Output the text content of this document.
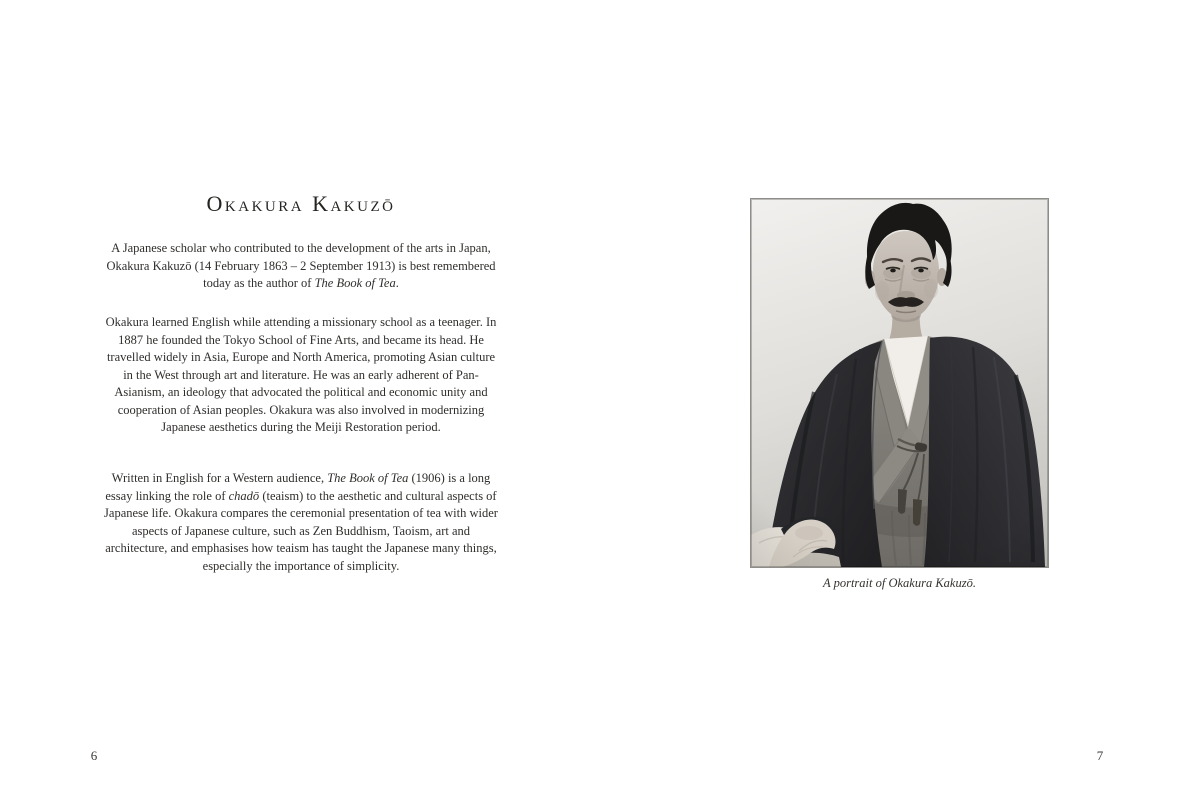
Okakura Kakuzō

A Japanese scholar who contributed to the development of the arts in Japan, Okakura Kakuzō (14 February 1863 – 2 September 1913) is best remembered today as the author of The Book of Tea.

Okakura learned English while attending a missionary school as a teenager. In 1887 he founded the Tokyo School of Fine Arts, and became its head. He travelled widely in Asia, Europe and North America, promoting Asian culture in the West through art and literature. He was an early adherent of Pan-Asianism, an ideology that advocated the political and economic unity and cooperation of Asian peoples. Okakura was also involved in modernizing Japanese aesthetics during the Meiji Restoration period.

Written in English for a Western audience, The Book of Tea (1906) is a long essay linking the role of chadō (teaism) to the aesthetic and cultural aspects of Japanese life. Okakura compares the ceremonial presentation of tea with wider aspects of Japanese culture, such as Zen Buddhism, Taoism, art and architecture, and emphasises how teaism has taught the Japanese many things, especially the importance of simplicity.

6

A portrait of Okakura Kakuzō.

7
